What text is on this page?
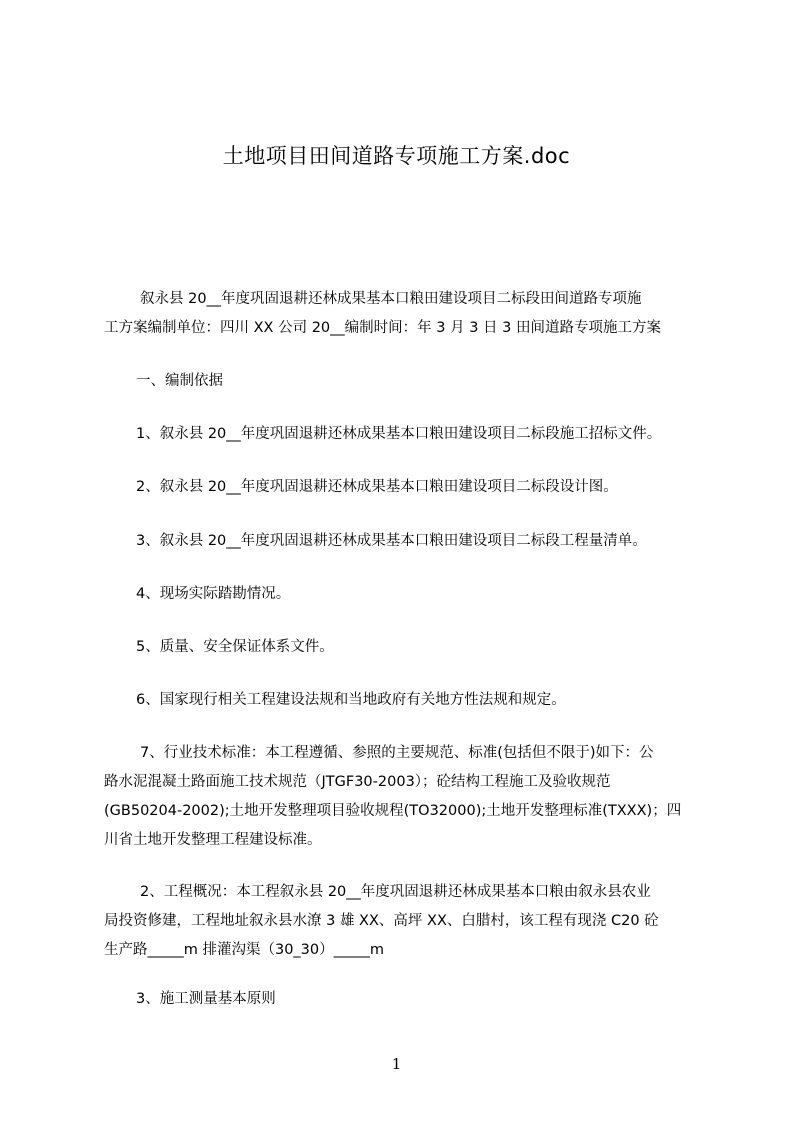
土地项目田间道路专项施工方案.doc
叙永县 20__年度巩固退耕还林成果基本口粮田建设项目二标段田间道路专项施
工方案编制单位：四川 XX 公司 20__编制时间：年 3 月 3 日 3 田间道路专项施工方案
一、编制依据
1、叙永县 20__年度巩固退耕还林成果基本口粮田建设项目二标段施工招标文件。
2、叙永县 20__年度巩固退耕还林成果基本口粮田建设项目二标段设计图。
3、叙永县 20__年度巩固退耕还林成果基本口粮田建设项目二标段工程量清单。
4、现场实际踏勘情况。
5、质量、安全保证体系文件。
6、国家现行相关工程建设法规和当地政府有关地方性法规和规定。
7、行业技术标准：本工程遵循、参照的主要规范、标准(包括但不限于)如下：公
路水泥混凝土路面施工技术规范（JTGF30-2003）；砼结构工程施工及验收规范
(GB50204-2002);土地开发整理项目验收规程(TO32000);土地开发整理标准(TXXX)；四
川省土地开发整理工程建设标准。
2、工程概况：本工程叙永县 20__年度巩固退耕还林成果基本口粮由叙永县农业
局投资修建，工程地址叙永县水潦 3 雄 XX、高坪 XX、白腊村，该工程有现浇 C20 砼
生产路_____m 排灌沟渠（30_30）_____m
3、施工测量基本原则
1
